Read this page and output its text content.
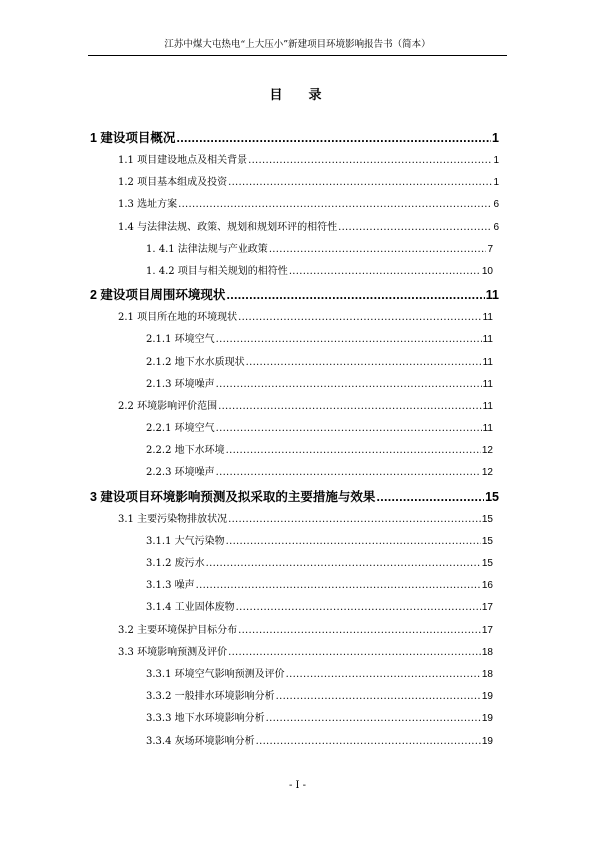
江苏中煤大屯热电“上大压小”新建项目环境影响报告书（简本）
目 录
1 建设项目概况 .....	1
1.1 项目建设地点及相关背景 .....	1
1.2 项目基本组成及投资 .....	1
1.3 选址方案 .....	6
1.4 与法律法规、政策、规划和规划环评的相符性 .....	6
1. 4.1 法律法规与产业政策 .....	7
1. 4.2 项目与相关规划的相符性 .....	10
2 建设项目周围环境现状 .....	11
2.1 项目所在地的环境现状 .....	11
2.1.1 环境空气 .....	11
2.1.2 地下水水质现状 .....	11
2.1.3 环境噪声 .....	11
2.2 环境影响评价范围 .....	11
2.2.1 环境空气 .....	11
2.2.2 地下水环境 .....	12
2.2.3 环境噪声 .....	12
3 建设项目环境影响预测及拟采取的主要措施与效果 .....	15
3.1 主要污染物排放状况 .....	15
3.1.1 大气污染物 .....	15
3.1.2 废污水 .....	15
3.1.3 噪声 .....	16
3.1.4 工业固体废物 .....	17
3.2 主要环境保护目标分布 .....	17
3.3 环境影响预测及评价 .....	18
3.3.1 环境空气影响预测及评价 .....	18
3.3.2 一般排水环境影响分析 .....	19
3.3.3 地下水环境影响分析 .....	19
3.3.4 灰场环境影响分析 .....	19
- I -
